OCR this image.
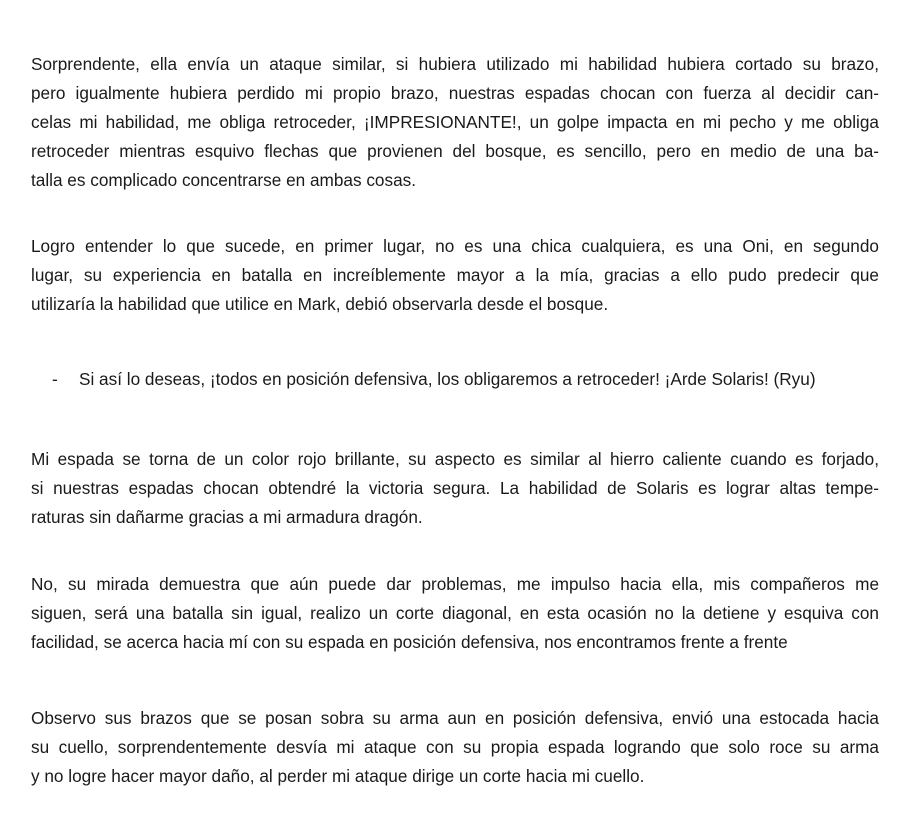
Sorprendente, ella envía un ataque similar, si hubiera utilizado mi habilidad hubiera cortado su brazo,
pero igualmente hubiera perdido mi propio brazo, nuestras espadas chocan con fuerza al decidir can-
celas mi habilidad, me obliga retroceder, ¡IMPRESIONANTE!, un golpe impacta en mi pecho y me obliga
retroceder mientras esquivo flechas que provienen del bosque, es sencillo, pero en medio de una ba-
talla es complicado concentrarse en ambas cosas.
Logro entender lo que sucede, en primer lugar, no es una chica cualquiera, es una Oni, en segundo
lugar, su experiencia en batalla en increíblemente mayor a la mía, gracias a ello pudo predecir que
utilizaría la habilidad que utilice en Mark, debió observarla desde el bosque.
- Si así lo deseas, ¡todos en posición defensiva, los obligaremos a retroceder! ¡Arde Solaris! (Ryu)
Mi espada se torna de un color rojo brillante, su aspecto es similar al hierro caliente cuando es forjado,
si nuestras espadas chocan obtendré la victoria segura. La habilidad de Solaris es lograr altas tempe-
raturas sin dañarme gracias a mi armadura dragón.
No, su mirada demuestra que aún puede dar problemas, me impulso hacia ella, mis compañeros me
siguen, será una batalla sin igual, realizo un corte diagonal, en esta ocasión no la detiene y esquiva con
facilidad, se acerca hacia mí con su espada en posición defensiva, nos encontramos frente a frente
Observo sus brazos que se posan sobra su arma aun en posición defensiva, envió una estocada hacia
su cuello, sorprendentemente desvía mi ataque con su propia espada logrando que solo roce su arma
y no logre hacer mayor daño, al perder mi ataque dirige un corte hacia mi cuello.
